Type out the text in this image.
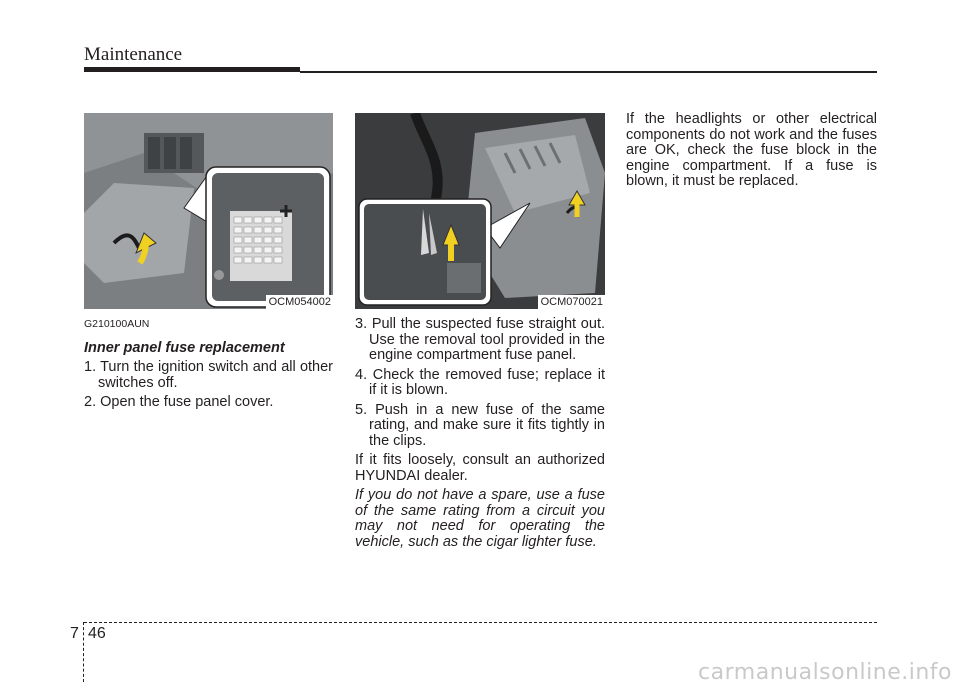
Maintenance
OCM054002	OCM070021

G210100AUN

Inner panel fuse replacement

1. Turn the ignition switch and all other switches off.

2. Open the fuse panel cover.

3. Pull the suspected fuse straight out. Use the removal tool provided in the engine compartment fuse panel.

4. Check the removed fuse; replace it if it is blown.

5. Push in a new fuse of the same rating, and make sure it fits tightly in the clips.

If it fits loosely, consult an authorized HYUNDAI dealer.

If you do not have a spare, use a fuse of the same rating from a circuit you may not need for operating the vehicle, such as the cigar lighter fuse.

If the headlights or other electrical components do not work and the fuses are OK, check the fuse block in the engine compartment. If a fuse is blown, it must be replaced.

7 46
carmanualsonline.info
